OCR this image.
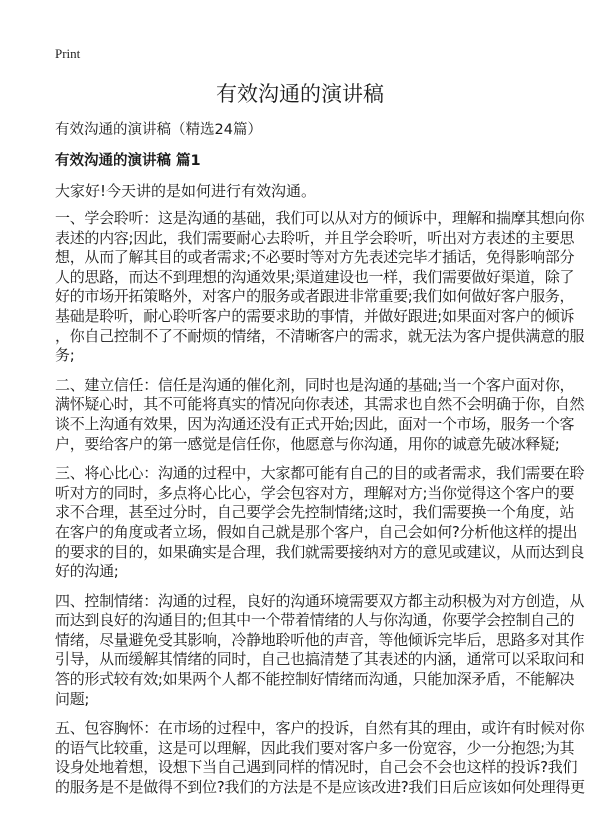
Print
有效沟通的演讲稿
有效沟通的演讲稿（精选24篇）
有效沟通的演讲稿 篇1
大家好!今天讲的是如何进行有效沟通。
一、学会聆听：这是沟通的基础，我们可以从对方的倾诉中，理解和揣摩其想向你
表述的内容;因此，我们需要耐心去聆听，并且学会聆听，听出对方表述的主要思
想，从而了解其目的或者需求;不必要时等对方先表述完毕才插话，免得影响部分
人的思路，而达不到理想的沟通效果;渠道建设也一样，我们需要做好渠道，除了
好的市场开拓策略外，对客户的服务或者跟进非常重要;我们如何做好客户服务，
基础是聆听，耐心聆听客户的需要求助的事情，并做好跟进;如果面对客户的倾诉
，你自己控制不了不耐烦的情绪，不清晰客户的需求，就无法为客户提供满意的服
务;
二、建立信任：信任是沟通的催化剂，同时也是沟通的基础;当一个客户面对你，
满怀疑心时，其不可能将真实的情况向你表述，其需求也自然不会明确于你，自然
谈不上沟通有效果，因为沟通还没有正式开始;因此，面对一个市场，服务一个客
户，要给客户的第一感觉是信任你，他愿意与你沟通，用你的诚意先破冰释疑;
三、将心比心：沟通的过程中，大家都可能有自己的目的或者需求，我们需要在聆
听对方的同时，多点将心比心，学会包容对方，理解对方;当你觉得这个客户的要
求不合理，甚至过分时，自己要学会先控制情绪;这时，我们需要换一个角度，站
在客户的角度或者立场，假如自己就是那个客户，自己会如何?分析他这样的提出
的要求的目的，如果确实是合理，我们就需要接纳对方的意见或建议，从而达到良
好的沟通;
四、控制情绪：沟通的过程，良好的沟通环境需要双方都主动积极为对方创造，从
而达到良好的沟通目的;但其中一个带着情绪的人与你沟通，你要学会控制自己的
情绪，尽量避免受其影响，冷静地聆听他的声音，等他倾诉完毕后，思路多对其作
引导，从而缓解其情绪的同时，自己也搞清楚了其表述的内涵，通常可以采取问和
答的形式较有效;如果两个人都不能控制好情绪而沟通，只能加深矛盾，不能解决
问题;
五、包容胸怀：在市场的过程中，客户的投诉，自然有其的理由，或许有时候对你
的语气比较重，这是可以理解，因此我们要对客户多一份宽容，少一分抱怨;为其
设身处地着想，设想下当自己遇到同样的情况时，自己会不会也这样的投诉?我们
的服务是不是做得不到位?我们的方法是不是应该改进?我们日后应该如何处理得更
